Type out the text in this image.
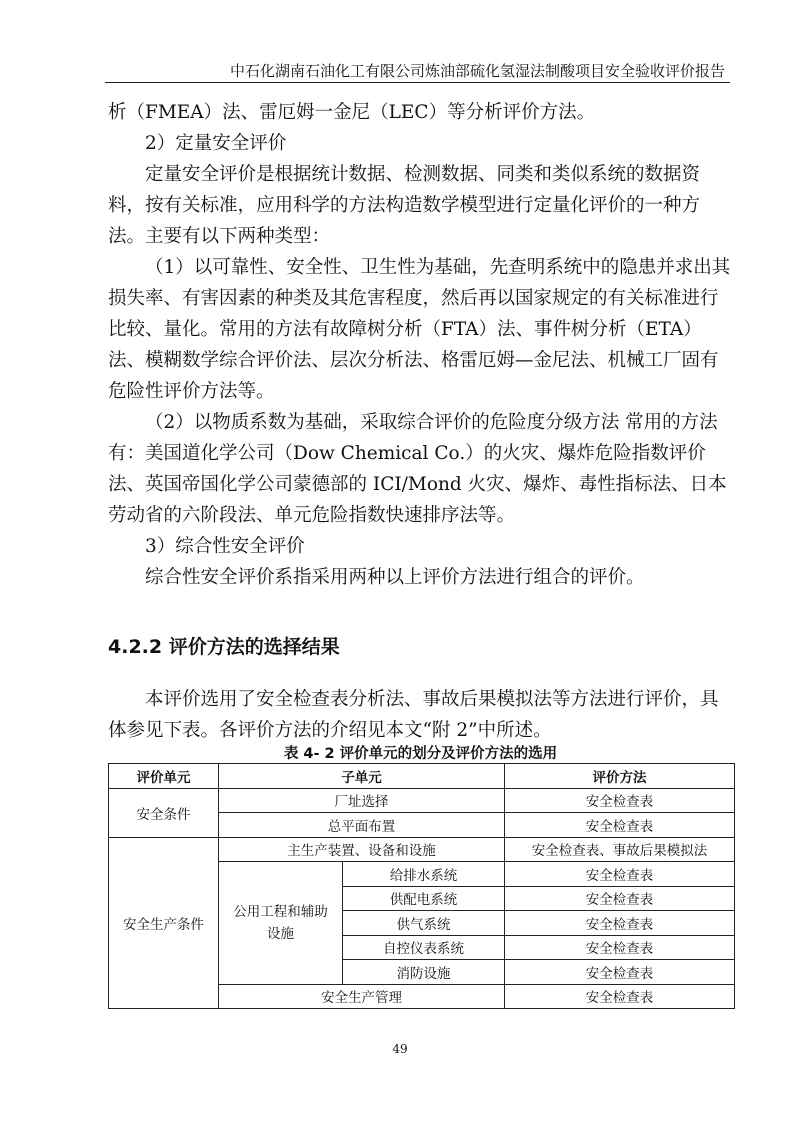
中石化湖南石油化工有限公司炼油部硫化氢湿法制酸项目安全验收评价报告

析（FMEA）法、雷厄姆一金尼（LEC）等分析评价方法。

2）定量安全评价

定量安全评价是根据统计数据、检测数据、同类和类似系统的数据资料，按有关标准，应用科学的方法构造数学模型进行定量化评价的一种方法。主要有以下两种类型：

（1）以可靠性、安全性、卫生性为基础，先查明系统中的隐患并求出其损失率、有害因素的种类及其危害程度，然后再以国家规定的有关标准进行比较、量化。常用的方法有故障树分析（FTA）法、事件树分析（ETA）法、模糊数学综合评价法、层次分析法、格雷厄姆—金尼法、机械工厂固有危险性评价方法等。

（2）以物质系数为基础，采取综合评价的危险度分级方法 常用的方法有：美国道化学公司（Dow Chemical Co.）的火灾、爆炸危险指数评价法、英国帝国化学公司蒙德部的 ICI/Mond 火灾、爆炸、毒性指标法、日本劳动省的六阶段法、单元危险指数快速排序法等。

3）综合性安全评价

综合性安全评价系指采用两种以上评价方法进行组合的评价。

4.2.2 评价方法的选择结果

本评价选用了安全检查表分析法、事故后果模拟法等方法进行评价，具体参见下表。各评价方法的介绍见本文“附 2”中所述。

表 4- 2 评价单元的划分及评价方法的选用
评价单元	子单元		评价方法
安全条件	厂址选择		安全检查表
	总平面布置		安全检查表
安全生产条件	主生产装置、设备和设施		安全检查表、事故后果模拟法
	公用工程和辅助设施	给排水系统	安全检查表
		供配电系统	安全检查表
		供气系统	安全检查表
		自控仪表系统	安全检查表
		消防设施	安全检查表
	安全生产管理		安全检查表
49
